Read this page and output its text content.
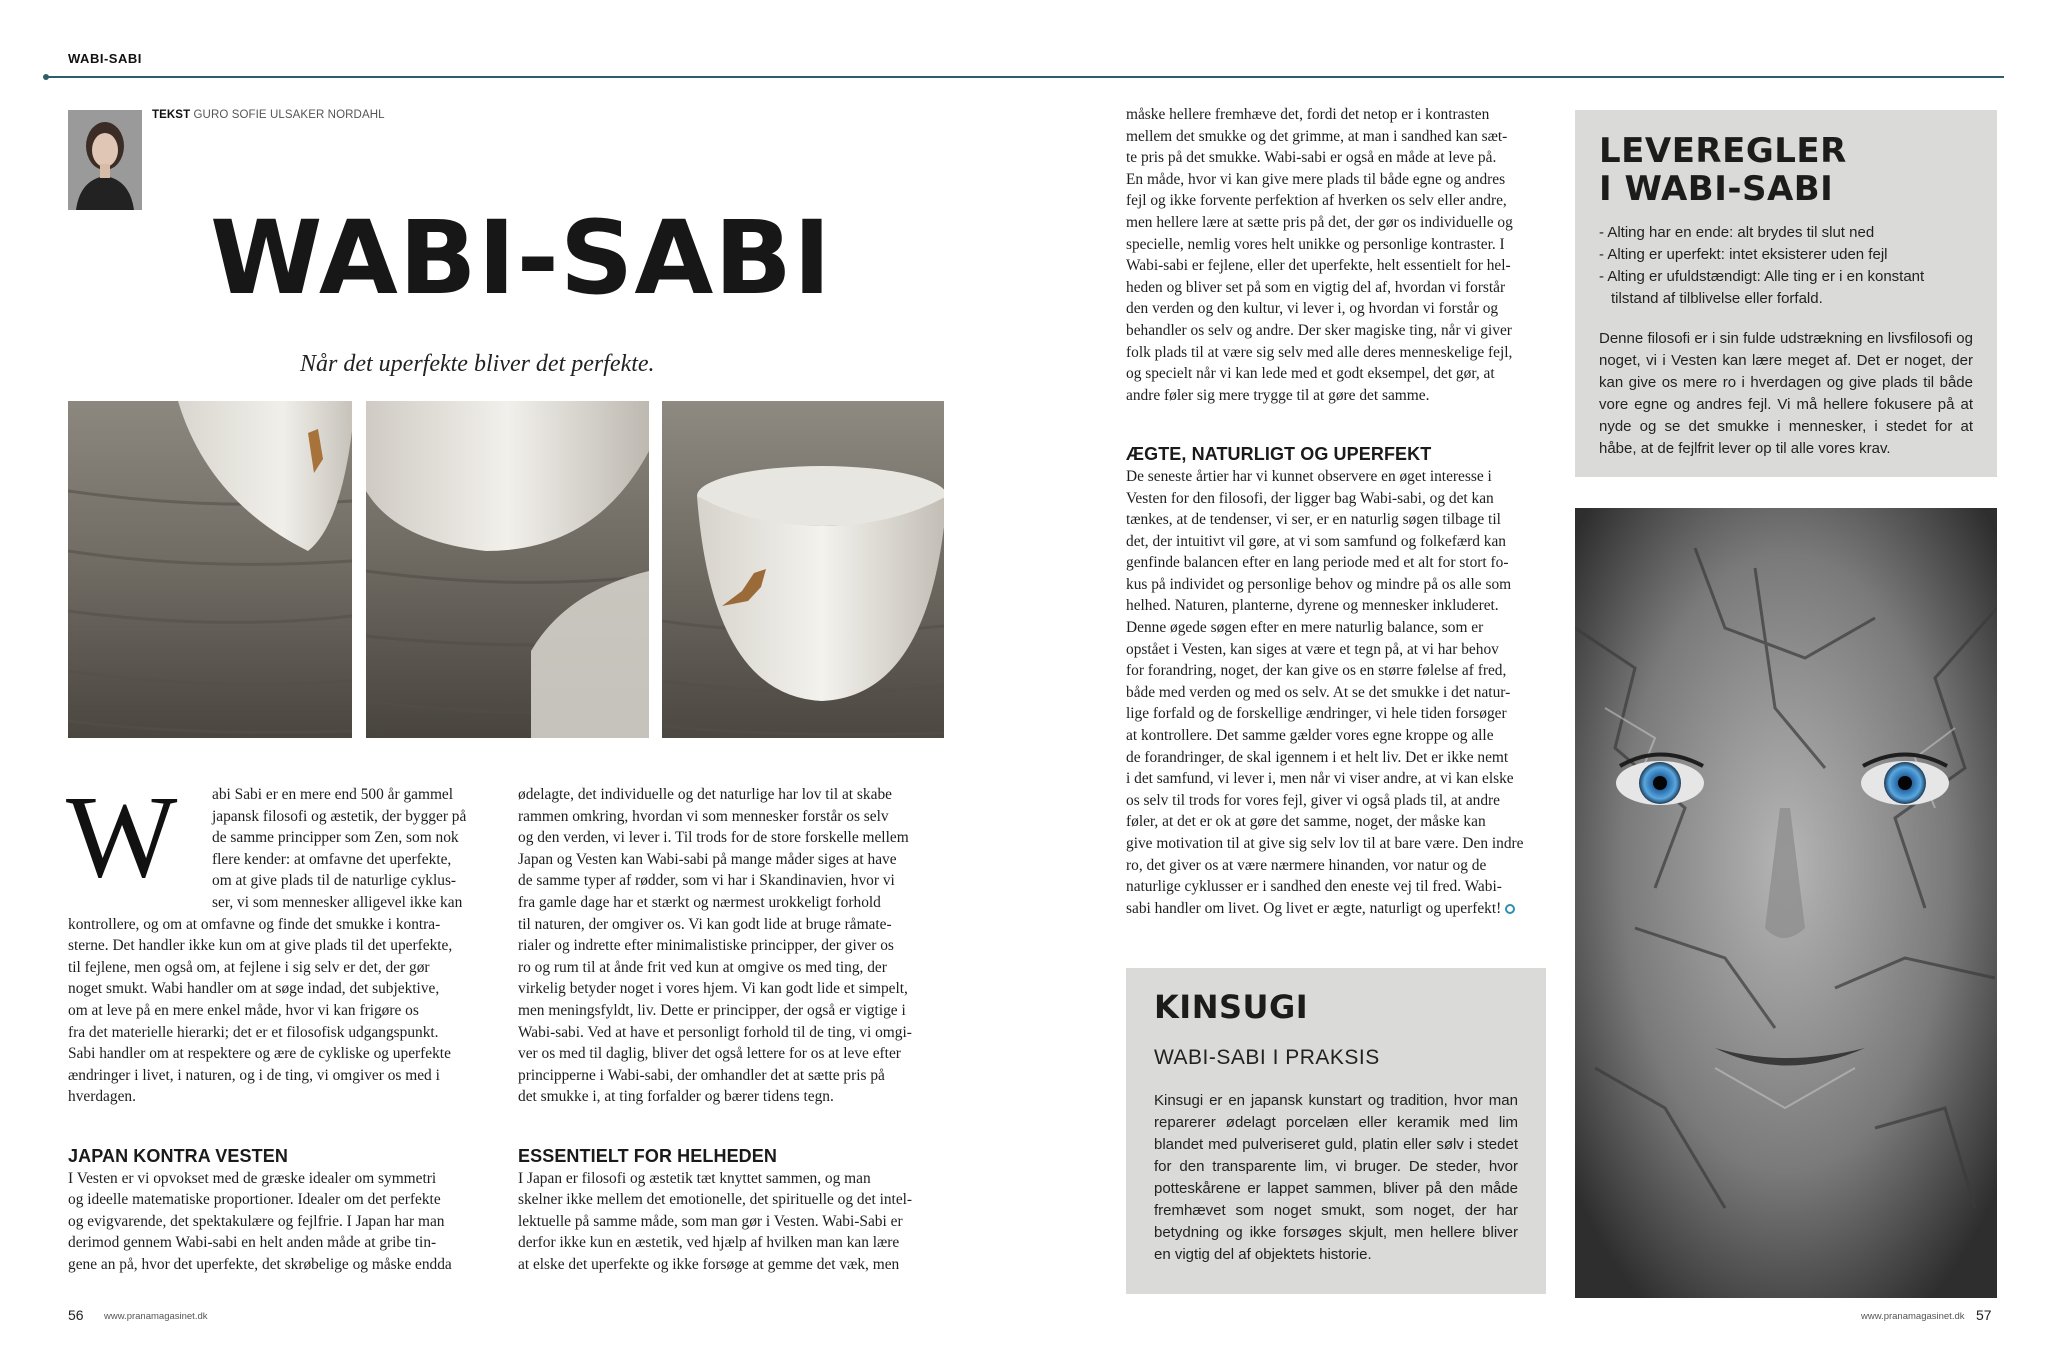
WABI-SABI
TEKST GURO SOFIE ULSAKER NORDAHL
WABI-SABI
Når det uperfekte bliver det perfekte.
W	abi Sabi er en mere end 500 år gammel

japansk filosofi og æstetik, der bygger på

de samme principper som Zen, som nok

flere kender: at omfavne det uperfekte,

om at give plads til de naturlige cyklus-

ser, vi som mennesker alligevel ikke kan

kontrollere, og om at omfavne og finde det smukke i kontra-

sterne. Det handler ikke kun om at give plads til det uperfekte,

til fejlene, men også om, at fejlene i sig selv er det, der gør

noget smukt. Wabi handler om at søge indad, det subjektive,

om at leve på en mere enkel måde, hvor vi kan frigøre os

fra det materielle hierarki; det er et filosofisk udgangspunkt.

Sabi handler om at respektere og ære de cykliske og uperfekte

ændringer i livet, i naturen, og i de ting, vi omgiver os med i

hverdagen.

JAPAN KONTRA VESTEN

I Vesten er vi opvokset med de græske idealer om symmetri

og ideelle matematiske proportioner. Idealer om det perfekte

og evigvarende, det spektakulære og fejlfrie. I Japan har man

derimod gennem Wabi-sabi en helt anden måde at gribe tin-

gene an på, hvor det uperfekte, det skrøbelige og måske endda

ødelagte, det individuelle og det naturlige har lov til at skabe

rammen omkring, hvordan vi som mennesker forstår os selv

og den verden, vi lever i. Til trods for de store forskelle mellem

Japan og Vesten kan Wabi-sabi på mange måder siges at have

de samme typer af rødder, som vi har i Skandinavien, hvor vi

fra gamle dage har et stærkt og nærmest urokkeligt forhold

til naturen, der omgiver os. Vi kan godt lide at bruge råmate-

rialer og indrette efter minimalistiske principper, der giver os

ro og rum til at ånde frit ved kun at omgive os med ting, der

virkelig betyder noget i vores hjem. Vi kan godt lide et simpelt,

men meningsfyldt, liv. Dette er principper, der også er vigtige i

Wabi-sabi. Ved at have et personligt forhold til de ting, vi omgi-

ver os med til daglig, bliver det også lettere for os at leve efter

principperne i Wabi-sabi, der omhandler det at sætte pris på

det smukke i, at ting forfalder og bærer tidens tegn.

ESSENTIELT FOR HELHEDEN

I Japan er filosofi og æstetik tæt knyttet sammen, og man

skelner ikke mellem det emotionelle, det spirituelle og det intel-

lektuelle på samme måde, som man gør i Vesten. Wabi-Sabi er

derfor ikke kun en æstetik, ved hjælp af hvilken man kan lære

at elske det uperfekte og ikke forsøge at gemme det væk, men

måske hellere fremhæve det, fordi det netop er i kontrasten

mellem det smukke og det grimme, at man i sandhed kan sæt-

te pris på det smukke. Wabi-sabi er også en måde at leve på.

En måde, hvor vi kan give mere plads til både egne og andres

fejl og ikke forvente perfektion af hverken os selv eller andre,

men hellere lære at sætte pris på det, der gør os individuelle og

specielle, nemlig vores helt unikke og personlige kontraster. I

Wabi-sabi er fejlene, eller det uperfekte, helt essentielt for hel-

heden og bliver set på som en vigtig del af, hvordan vi forstår

den verden og den kultur, vi lever i, og hvordan vi forstår og

behandler os selv og andre. Der sker magiske ting, når vi giver

folk plads til at være sig selv med alle deres menneskelige fejl,

og specielt når vi kan lede med et godt eksempel, det gør, at

andre føler sig mere trygge til at gøre det samme.

ÆGTE, NATURLIGT OG UPERFEKT

De seneste årtier har vi kunnet observere en øget interesse i

Vesten for den filosofi, der ligger bag Wabi-sabi, og det kan

tænkes, at de tendenser, vi ser, er en naturlig søgen tilbage til

det, der intuitivt vil gøre, at vi som samfund og folkefærd kan

genfinde balancen efter en lang periode med et alt for stort fo-

kus på individet og personlige behov og mindre på os alle som

helhed. Naturen, planterne, dyrene og mennesker inkluderet.

Denne øgede søgen efter en mere naturlig balance, som er

opstået i Vesten, kan siges at være et tegn på, at vi har behov

for forandring, noget, der kan give os en større følelse af fred,

både med verden og med os selv. At se det smukke i det natur-

lige forfald og de forskellige ændringer, vi hele tiden forsøger

at kontrollere. Det samme gælder vores egne kroppe og alle

de forandringer, de skal igennem i et helt liv. Det er ikke nemt

i det samfund, vi lever i, men når vi viser andre, at vi kan elske

os selv til trods for vores fejl, giver vi også plads til, at andre

føler, at det er ok at gøre det samme, noget, der måske kan

give motivation til at give sig selv lov til at bare være. Den indre

ro, det giver os at være nærmere hinanden, vor natur og de

naturlige cyklusser er i sandhed den eneste vej til fred. Wabi-

sabi handler om livet. Og livet er ægte, naturligt og uperfekt!

LEVEREGLER
I WABI-SABI
- Alting har en ende: alt brydes til slut ned
- Alting er uperfekt: intet eksisterer uden fejl
- Alting er ufuldstændigt: Alle ting er i en konstant tilstand af tilblivelse eller forfald.

Denne filosofi er i sin fulde udstrækning en livsfilosofi og noget, vi i Vesten kan lære meget af. Det er noget, der kan give os mere ro i hverdagen og give plads til både vore egne og andres fejl. Vi må hellere fokusere på at nyde og se det smukke i mennesker, i stedet for at håbe, at de fejlfrit lever op til alle vores krav.

KINSUGI
WABI-SABI I PRAKSIS

Kinsugi er en japansk kunstart og tradition, hvor man reparerer ødelagt porcelæn eller keramik med lim blandet med pulveriseret guld, platin eller sølv i stedet for den transparente lim, vi bruger. De steder, hvor potteskårene er lappet sammen, bliver på den måde fremhævet som noget smukt, som noget, der har betydning og ikke forsøges skjult, men hellere bliver en vigtig del af objektets historie.

56 www.pranamagasinet.dk	www.pranamagasinet.dk 57
